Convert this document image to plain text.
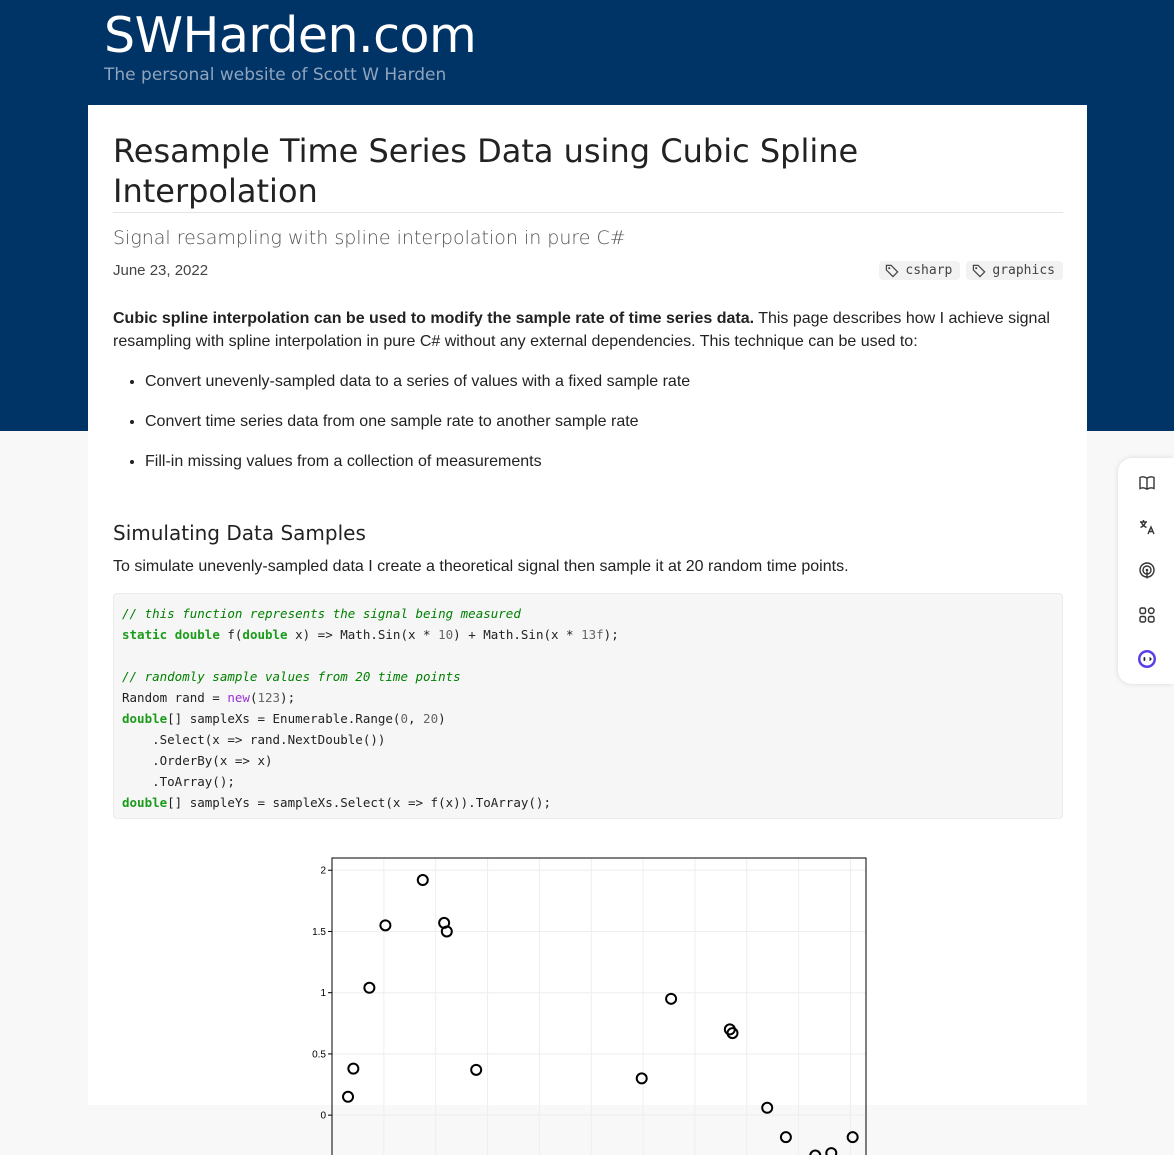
SWHarden.com
The personal website of Scott W Harden
Resample Time Series Data using Cubic Spline Interpolation
Signal resampling with spline interpolation in pure C#
June 23, 2022	csharp	graphics

Cubic spline interpolation can be used to modify the sample rate of time series data. This page describes how I achieve signal resampling with spline interpolation in pure C# without any external dependencies. This technique can be used to:

• Convert unevenly-sampled data to a series of values with a fixed sample rate
• Convert time series data from one sample rate to another sample rate
• Fill-in missing values from a collection of measurements
Simulating Data Samples

To simulate unevenly-sampled data I create a theoretical signal then sample it at 20 random time points.

// this function represents the signal being measured
static double f(double x) => Math.Sin(x * 10) + Math.Sin(x * 13f);

// randomly sample values from 20 time points
Random rand = new(123);
double[] sampleXs = Enumerable.Range(0, 20)
.Select(x => rand.NextDouble())
.OrderBy(x => x)
.ToArray();
double[] sampleYs = sampleXs.Select(x => f(x)).ToArray();
2
1.5
1
0.5
0
